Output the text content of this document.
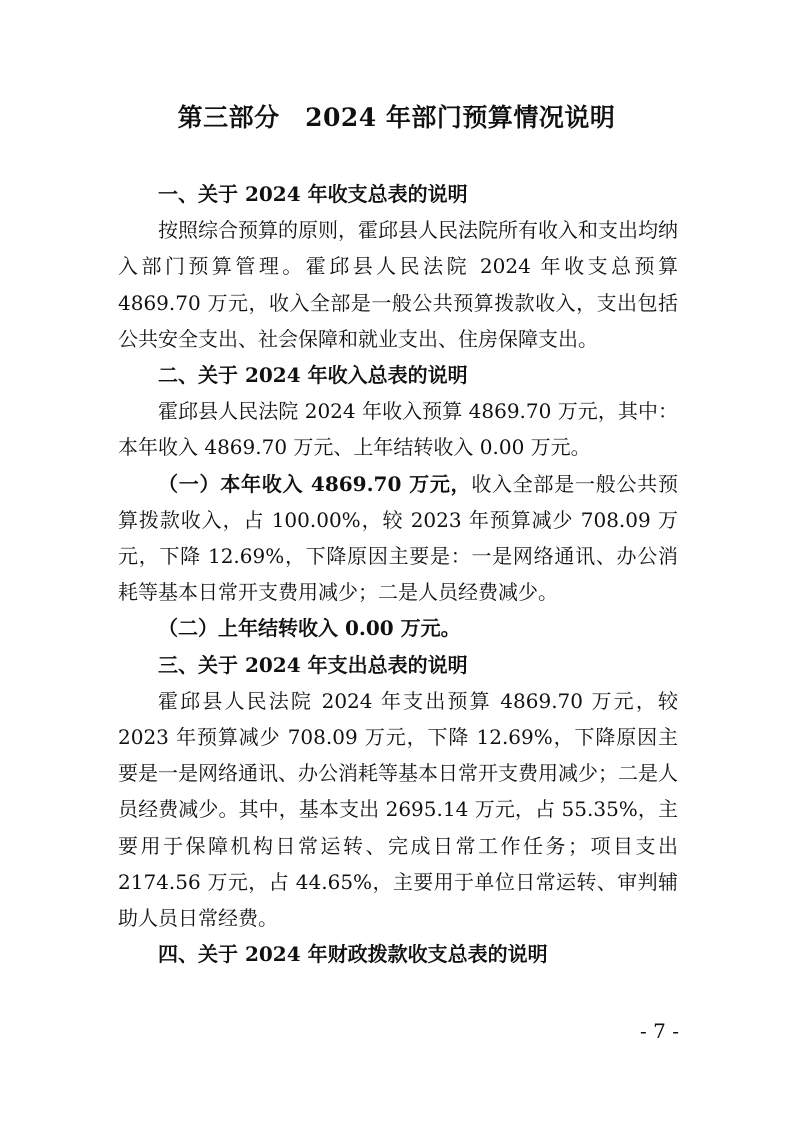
第三部分　2024 年部门预算情况说明

一、关于 2024 年收支总表的说明

按照综合预算的原则，霍邱县人民法院所有收入和支出均纳入部门预算管理。霍邱县人民法院 2024 年收支总预算 4869.70 万元，收入全部是一般公共预算拨款收入，支出包括公共安全支出、社会保障和就业支出、住房保障支出。

二、关于 2024 年收入总表的说明

霍邱县人民法院 2024 年收入预算 4869.70 万元，其中：本年收入 4869.70 万元、上年结转收入 0.00 万元。

（一）本年收入 4869.70 万元，收入全部是一般公共预算拨款收入，占 100.00%，较 2023 年预算减少 708.09 万元，下降 12.69%，下降原因主要是：一是网络通讯、办公消耗等基本日常开支费用减少；二是人员经费减少。

（二）上年结转收入 0.00 万元。

三、关于 2024 年支出总表的说明

霍邱县人民法院 2024 年支出预算 4869.70 万元，较 2023 年预算减少 708.09 万元，下降 12.69%，下降原因主要是一是网络通讯、办公消耗等基本日常开支费用减少；二是人员经费减少。其中，基本支出 2695.14 万元，占 55.35%，主要用于保障机构日常运转、完成日常工作任务；项目支出 2174.56 万元，占 44.65%，主要用于单位日常运转、审判辅助人员日常经费。

四、关于 2024 年财政拨款收支总表的说明

- 7 -
